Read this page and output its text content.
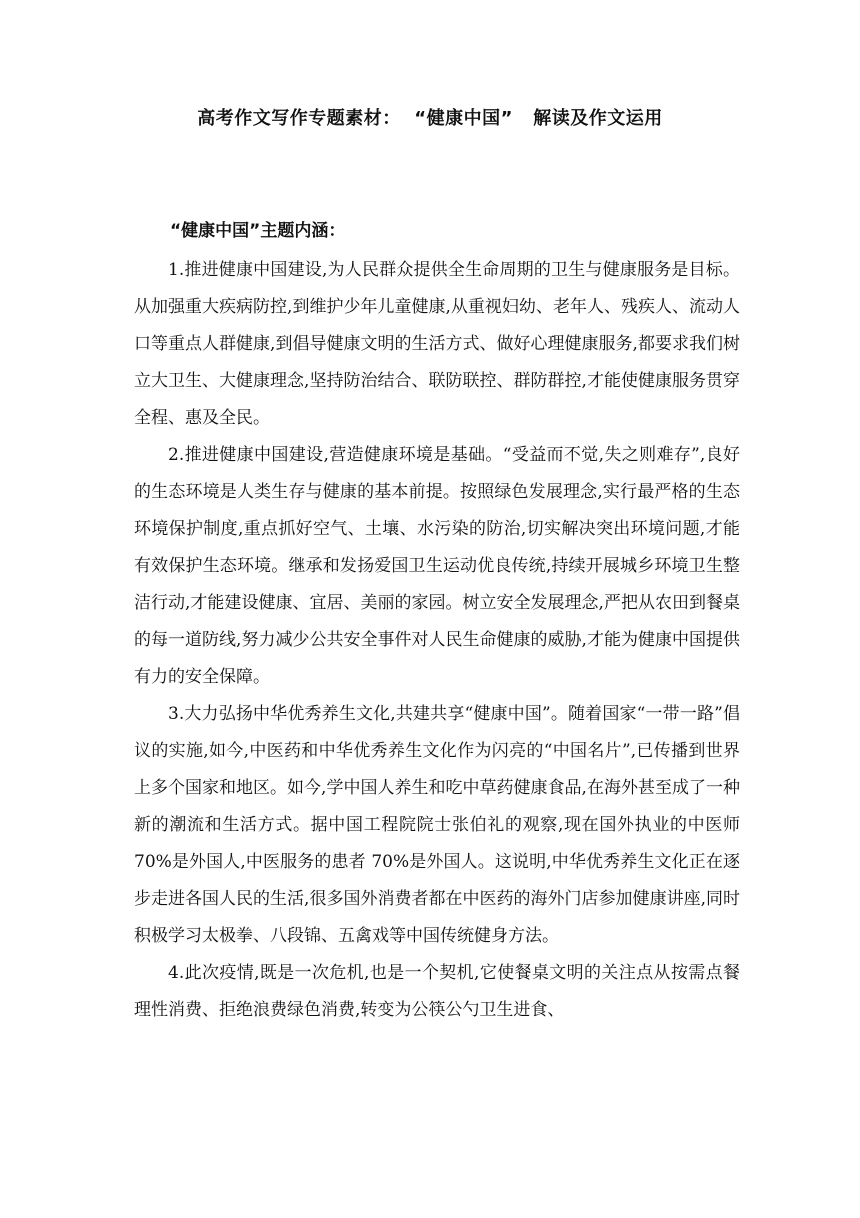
高考作文写作专题素材：  “健康中国”   解读及作文运用
“健康中国”主题内涵：

1.推进健康中国建设,为人民群众提供全生命周期的卫生与健康服务是目标。从加强重大疾病防控,到维护少年儿童健康,从重视妇幼、老年人、残疾人、流动人口等重点人群健康,到倡导健康文明的生活方式、做好心理健康服务,都要求我们树立大卫生、大健康理念,坚持防治结合、联防联控、群防群控,才能使健康服务贯穿全程、惠及全民。

2.推进健康中国建设,营造健康环境是基础。“受益而不觉,失之则难存”,良好的生态环境是人类生存与健康的基本前提。按照绿色发展理念,实行最严格的生态环境保护制度,重点抓好空气、土壤、水污染的防治,切实解决突出环境问题,才能有效保护生态环境。继承和发扬爱国卫生运动优良传统,持续开展城乡环境卫生整洁行动,才能建设健康、宜居、美丽的家园。树立安全发展理念,严把从农田到餐桌的每一道防线,努力减少公共安全事件对人民生命健康的威胁,才能为健康中国提供有力的安全保障。

3.大力弘扬中华优秀养生文化,共建共享“健康中国”。随着国家“一带一路”倡议的实施,如今,中医药和中华优秀养生文化作为闪亮的“中国名片”,已传播到世界上多个国家和地区。如今,学中国人养生和吃中草药健康食品,在海外甚至成了一种新的潮流和生活方式。据中国工程院院士张伯礼的观察,现在国外执业的中医师 70%是外国人,中医服务的患者 70%是外国人。这说明,中华优秀养生文化正在逐步走进各国人民的生活,很多国外消费者都在中医药的海外门店参加健康讲座,同时积极学习太极拳、八段锦、五禽戏等中国传统健身方法。

4.此次疫情,既是一次危机,也是一个契机,它使餐桌文明的关注点从按需点餐理性消费、拒绝浪费绿色消费,转变为公筷公勺卫生进食、
